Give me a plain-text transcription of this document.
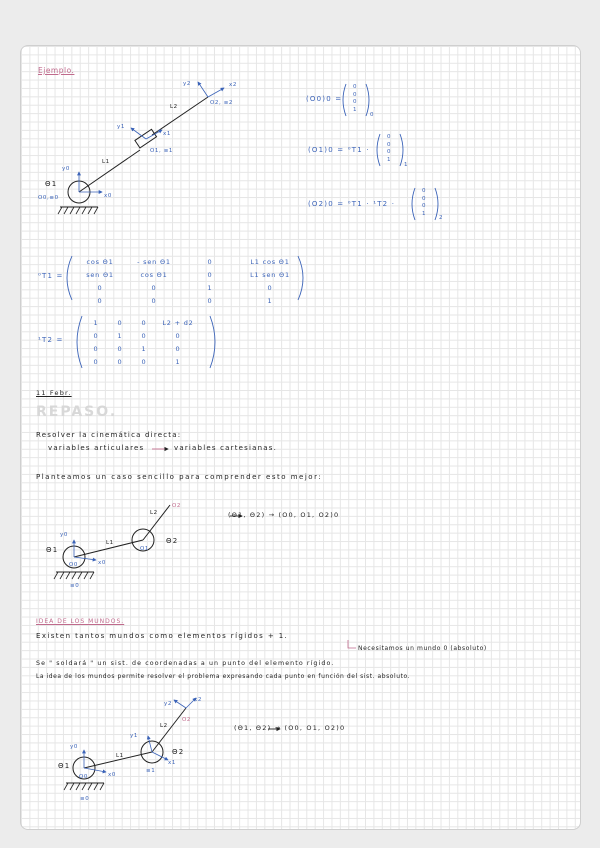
Ejemplo.
y2	x2
O2, ≡2
L2
y1
x1
O1, ≡1
L1
y0
x0
Θ1
O0,≡0
(O0)0 =
0
0
0
1
0
(O1)0 = ⁰T1 ·
0
0
0
1
1
(O2)0 = ⁰T1 · ¹T2 ·
0
0
0
1
2
⁰T1 =
cos Θ1	- sen Θ1	0	L1 cos Θ1
sen Θ1	cos Θ1	0	L1 sen Θ1
0	0	1	0
0	0	0	1
¹T2 =
1	0	0	L2 + d2
0	1	0	0
0	0	1	0
0	0	0	1
11 Febr.
REPASO.
Resolver la cinemática directa:
variables articulares	variables cartesianas.
Planteamos un caso sencillo para comprender esto mejor:
L2
O2
L1
O1
Θ2
Θ1
y0
O0	x0
≡0
(Θ1, Θ2) → (O0, O1, O2)0
IDEA DE LOS MUNDOS.
Existen tantos mundos como elementos rígidos + 1.
Necesitamos un mundo 0 (absoluto)
Se " soldará " un sist. de coordenadas a un punto del elemento rígido.
La idea de los mundos permite resolver el problema expresando cada punto en función del sist. absoluto.
x2
y2
O2
L2
y1
x1
Θ2
≡1
L1
Θ1
y0
O0	x0
≡0
(Θ1, Θ2) → (O0, O1, O2)0
